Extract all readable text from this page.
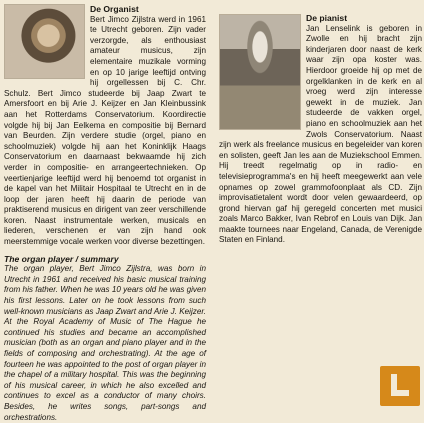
De Organist

Bert Jimco Zijlstra werd in 1961 te Utrecht geboren. Zijn vader verzorgde, als enthousiast amateur musicus, zijn elementaire muzikale vorming en op 10 jarige leeftijd ontving hij orgellessen bij C. Chr. Schulz. Bert Jimco studeerde bij Jaap Zwart te Amersfoort en bij Arie J. Keijzer en Jan Kleinbussink aan het Rotterdams Conservatorium. Koordirectie volgde hij bij Jan Eelkema en compositie bij Bernard van Beurden. Zijn verdere studie (orgel, piano en schoolmuziek) volgde hij aan het Koninklijk Haags Conservatorium en daarnaast bekwaamde hij zich verder in compositie- en arrangeertechnieken. Op veertienjarige leeftijd werd hij benoemd tot organist in de kapel van het Militair Hospitaal te Utrecht en in de loop der jaren heeft hij daarin de periode van praktiserend musicus en dirigent van zeer verschillende koren. Naast instrumentale werken, musicals en liederen, verschenen er van zijn hand ook meerstemmige vocale werken voor diverse bezettingen.

The organ player / summary

The organ player, Bert Jimco Zijlstra, was born in Utrecht in 1961 and received his basic musical training from his father. When he was 10 years old he was given his first lessons. Later on he took lessons from such well-known musicians as Jaap Zwart and Arie J. Keijzer. At the Royal Academy of Music of The Hague he continued his studies and became an accomplished musician (both as an organ and piano player and in the fields of composing and orchestrating). At the age of fourteen he was appointed to the post of organ player in the chapel of a military hospital. This was the beginning of his musical career, in which he also excelled and continues to excel as a conductor of many choirs. Besides, he writes songs, part-songs and orchestrations.

De pianist

Jan Lenselink is geboren in Zwolle en hij bracht zijn kinderjaren door naast de kerk waar zijn opa koster was. Hierdoor groeide hij op met de orgelklanken in de kerk en al vroeg werd zijn interesse gewekt in de muziek. Jan studeerde de vakken orgel, piano en schoolmuziek aan het Zwols Conservatorium. Naast zijn werk als freelance musicus en begeleider van koren en solisten, geeft Jan les aan de Muziekschool Emmen. Hij treedt regelmatig op in radio- en televisieprogramma's en hij heeft meegewerkt aan vele opnames op zowel grammofoonplaat als CD. Zijn improvisatietalent wordt door velen gewaardeerd, op grond hiervan gaf hij geregeld concerten met musici zoals Marco Bakker, Ivan Rebrof en Louis van Dijk. Jan maakte tournees naar Engeland, Canada, de Verenigde Staten en Finland.
